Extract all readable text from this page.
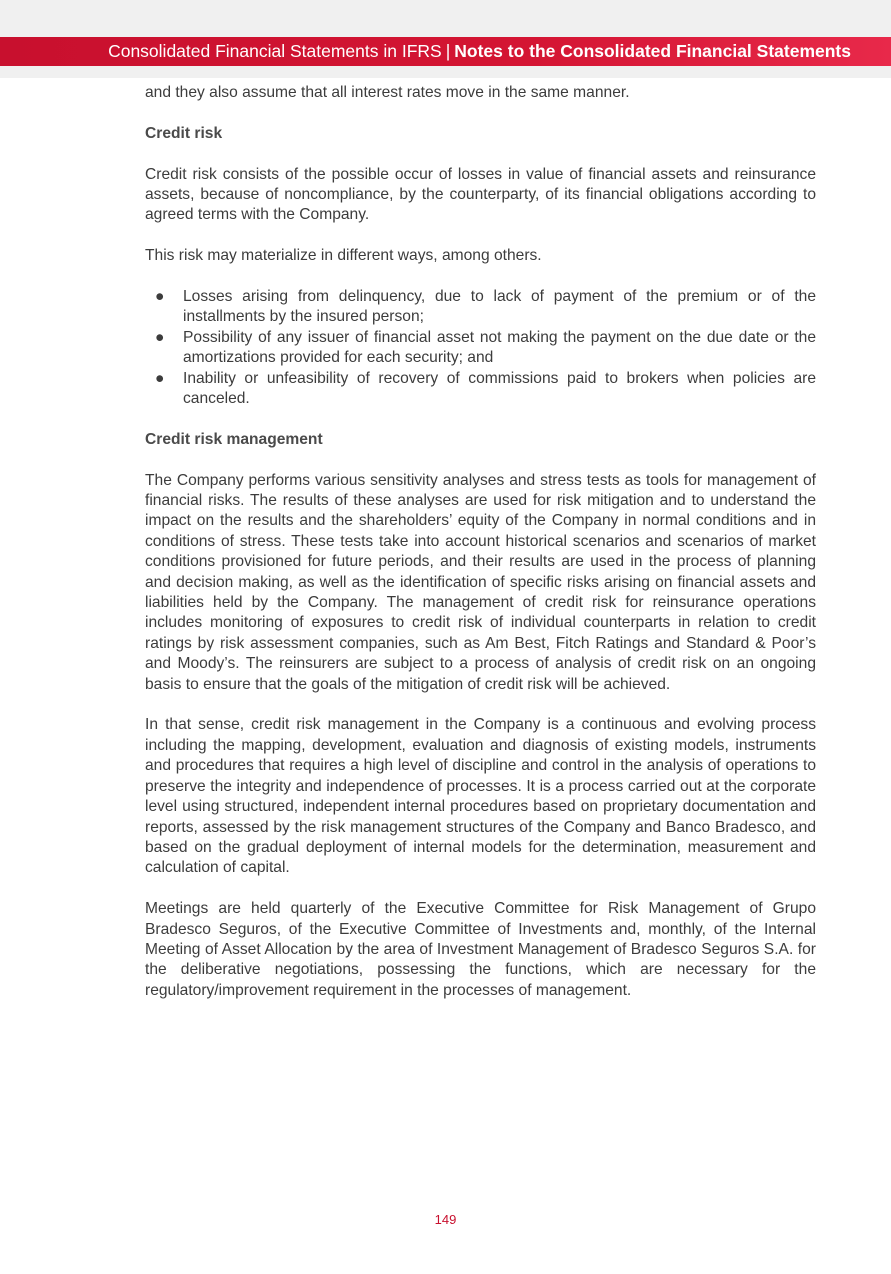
Consolidated Financial Statements in IFRS | Notes to the Consolidated Financial Statements

and they also assume that all interest rates move in the same manner.

Credit risk

Credit risk consists of the possible occur of losses in value of financial assets and reinsurance assets, because of noncompliance, by the counterparty, of its financial obligations according to agreed terms with the Company.

This risk may materialize in different ways, among others.

● Losses arising from delinquency, due to lack of payment of the premium or of the installments by the insured person;
● Possibility of any issuer of financial asset not making the payment on the due date or the amortizations provided for each security; and
● Inability or unfeasibility of recovery of commissions paid to brokers when policies are canceled.
Credit risk management

The Company performs various sensitivity analyses and stress tests as tools for management of financial risks. The results of these analyses are used for risk mitigation and to understand the impact on the results and the shareholders’ equity of the Company in normal conditions and in conditions of stress. These tests take into account historical scenarios and scenarios of market conditions provisioned for future periods, and their results are used in the process of planning and decision making, as well as the identification of specific risks arising on financial assets and liabilities held by the Company. The management of credit risk for reinsurance operations includes monitoring of exposures to credit risk of individual counterparts in relation to credit ratings by risk assessment companies, such as Am Best, Fitch Ratings and Standard & Poor’s and Moody’s. The reinsurers are subject to a process of analysis of credit risk on an ongoing basis to ensure that the goals of the mitigation of credit risk will be achieved.

In that sense, credit risk management in the Company is a continuous and evolving process including the mapping, development, evaluation and diagnosis of existing models, instruments and procedures that requires a high level of discipline and control in the analysis of operations to preserve the integrity and independence of processes. It is a process carried out at the corporate level using structured, independent internal procedures based on proprietary documentation and reports, assessed by the risk management structures of the Company and Banco Bradesco, and based on the gradual deployment of internal models for the determination, measurement and calculation of capital.

Meetings are held quarterly of the Executive Committee for Risk Management of Grupo Bradesco Seguros, of the Executive Committee of Investments and, monthly, of the Internal Meeting of Asset Allocation by the area of Investment Management of Bradesco Seguros S.A. for the deliberative negotiations, possessing the functions, which are necessary for the regulatory/improvement requirement in the processes of management.

149
